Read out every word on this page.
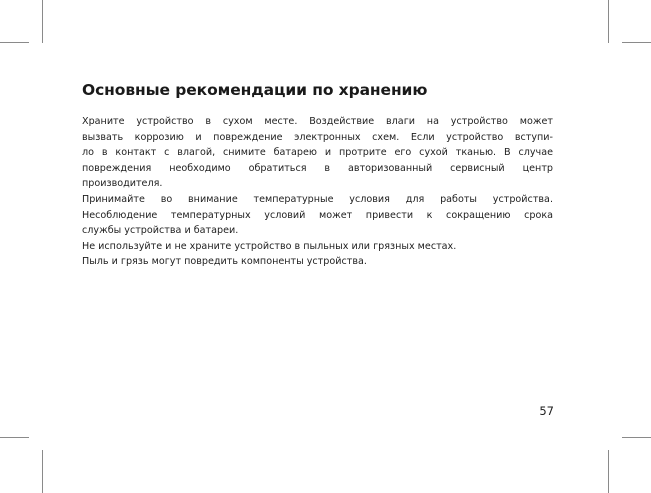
Основные рекомендации по хранению

Храните устройство в сухом месте. Воздействие влаги на устройство может

вызвать коррозию и повреждение электронных схем. Если устройство вступи-

ло в контакт с влагой, снимите батарею и протрите его сухой тканью. В случае

повреждения необходимо обратиться в авторизованный сервисный центр

производителя.

Принимайте во внимание температурные условия для работы устройства.

Несоблюдение температурных условий может привести к сокращению срока

службы устройства и батареи.

Не используйте и не храните устройство в пыльных или грязных местах.

Пыль и грязь могут повредить компоненты устройства.

57
